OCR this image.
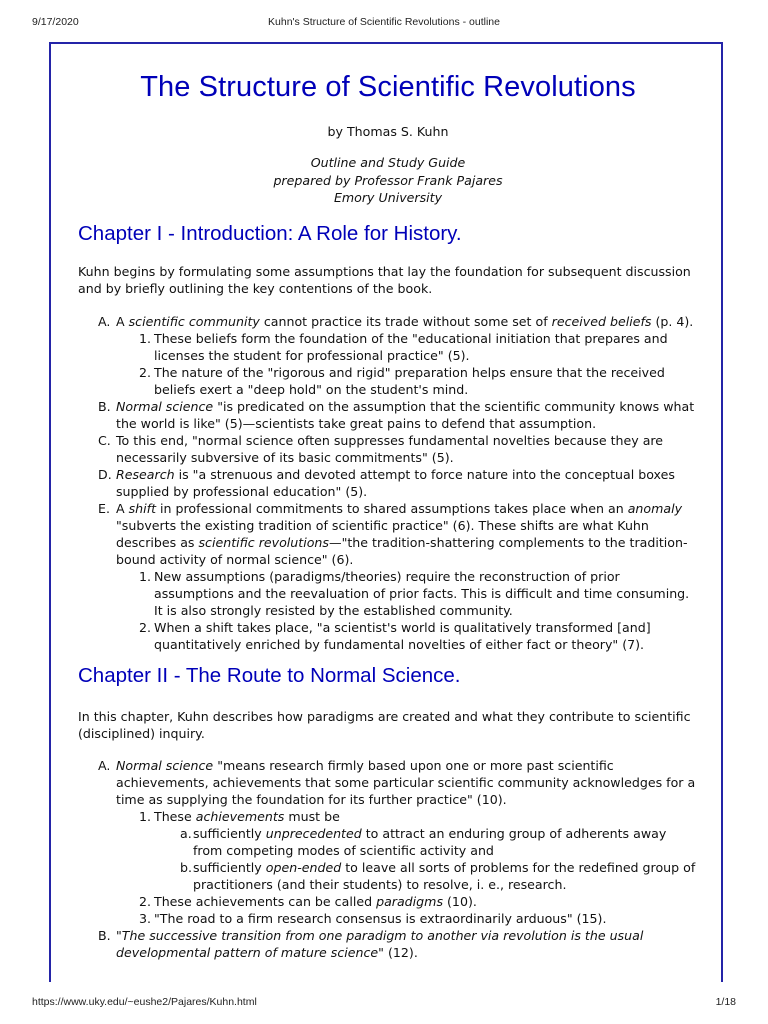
9/17/2020	Kuhn's Structure of Scientific Revolutions - outline
The Structure of Scientific Revolutions
by Thomas S. Kuhn
Outline and Study Guide
prepared by Professor Frank Pajares
Emory University
Chapter I - Introduction: A Role for History.

Kuhn begins by formulating some assumptions that lay the foundation for subsequent discussion and by briefly outlining the key contentions of the book.

A. A scientific community cannot practice its trade without some set of received beliefs (p. 4).
1. These beliefs form the foundation of the "educational initiation that prepares and licenses the student for professional practice" (5).
2. The nature of the "rigorous and rigid" preparation helps ensure that the received beliefs exert a "deep hold" on the student's mind.
B. Normal science "is predicated on the assumption that the scientific community knows what the world is like" (5)—scientists take great pains to defend that assumption.
C. To this end, "normal science often suppresses fundamental novelties because they are necessarily subversive of its basic commitments" (5).
D. Research is "a strenuous and devoted attempt to force nature into the conceptual boxes supplied by professional education" (5).
E. A shift in professional commitments to shared assumptions takes place when an anomaly "subverts the existing tradition of scientific practice" (6). These shifts are what Kuhn describes as scientific revolutions—"the tradition-shattering complements to the tradition-bound activity of normal science" (6).
1. New assumptions (paradigms/theories) require the reconstruction of prior assumptions and the reevaluation of prior facts. This is difficult and time consuming. It is also strongly resisted by the established community.
2. When a shift takes place, "a scientist's world is qualitatively transformed [and] quantitatively enriched by fundamental novelties of either fact or theory" (7).
Chapter II - The Route to Normal Science.

In this chapter, Kuhn describes how paradigms are created and what they contribute to scientific (disciplined) inquiry.

A. Normal science "means research firmly based upon one or more past scientific achievements, achievements that some particular scientific community acknowledges for a time as supplying the foundation for its further practice" (10).
1. These achievements must be
a. sufficiently unprecedented to attract an enduring group of adherents away from competing modes of scientific activity and
b. sufficiently open-ended to leave all sorts of problems for the redefined group of practitioners (and their students) to resolve, i. e., research.
2. These achievements can be called paradigms (10).
3. "The road to a firm research consensus is extraordinarily arduous" (15).
B. "The successive transition from one paradigm to another via revolution is the usual developmental pattern of mature science" (12).
https://www.uky.edu/~eushe2/Pajares/Kuhn.html	1/18
